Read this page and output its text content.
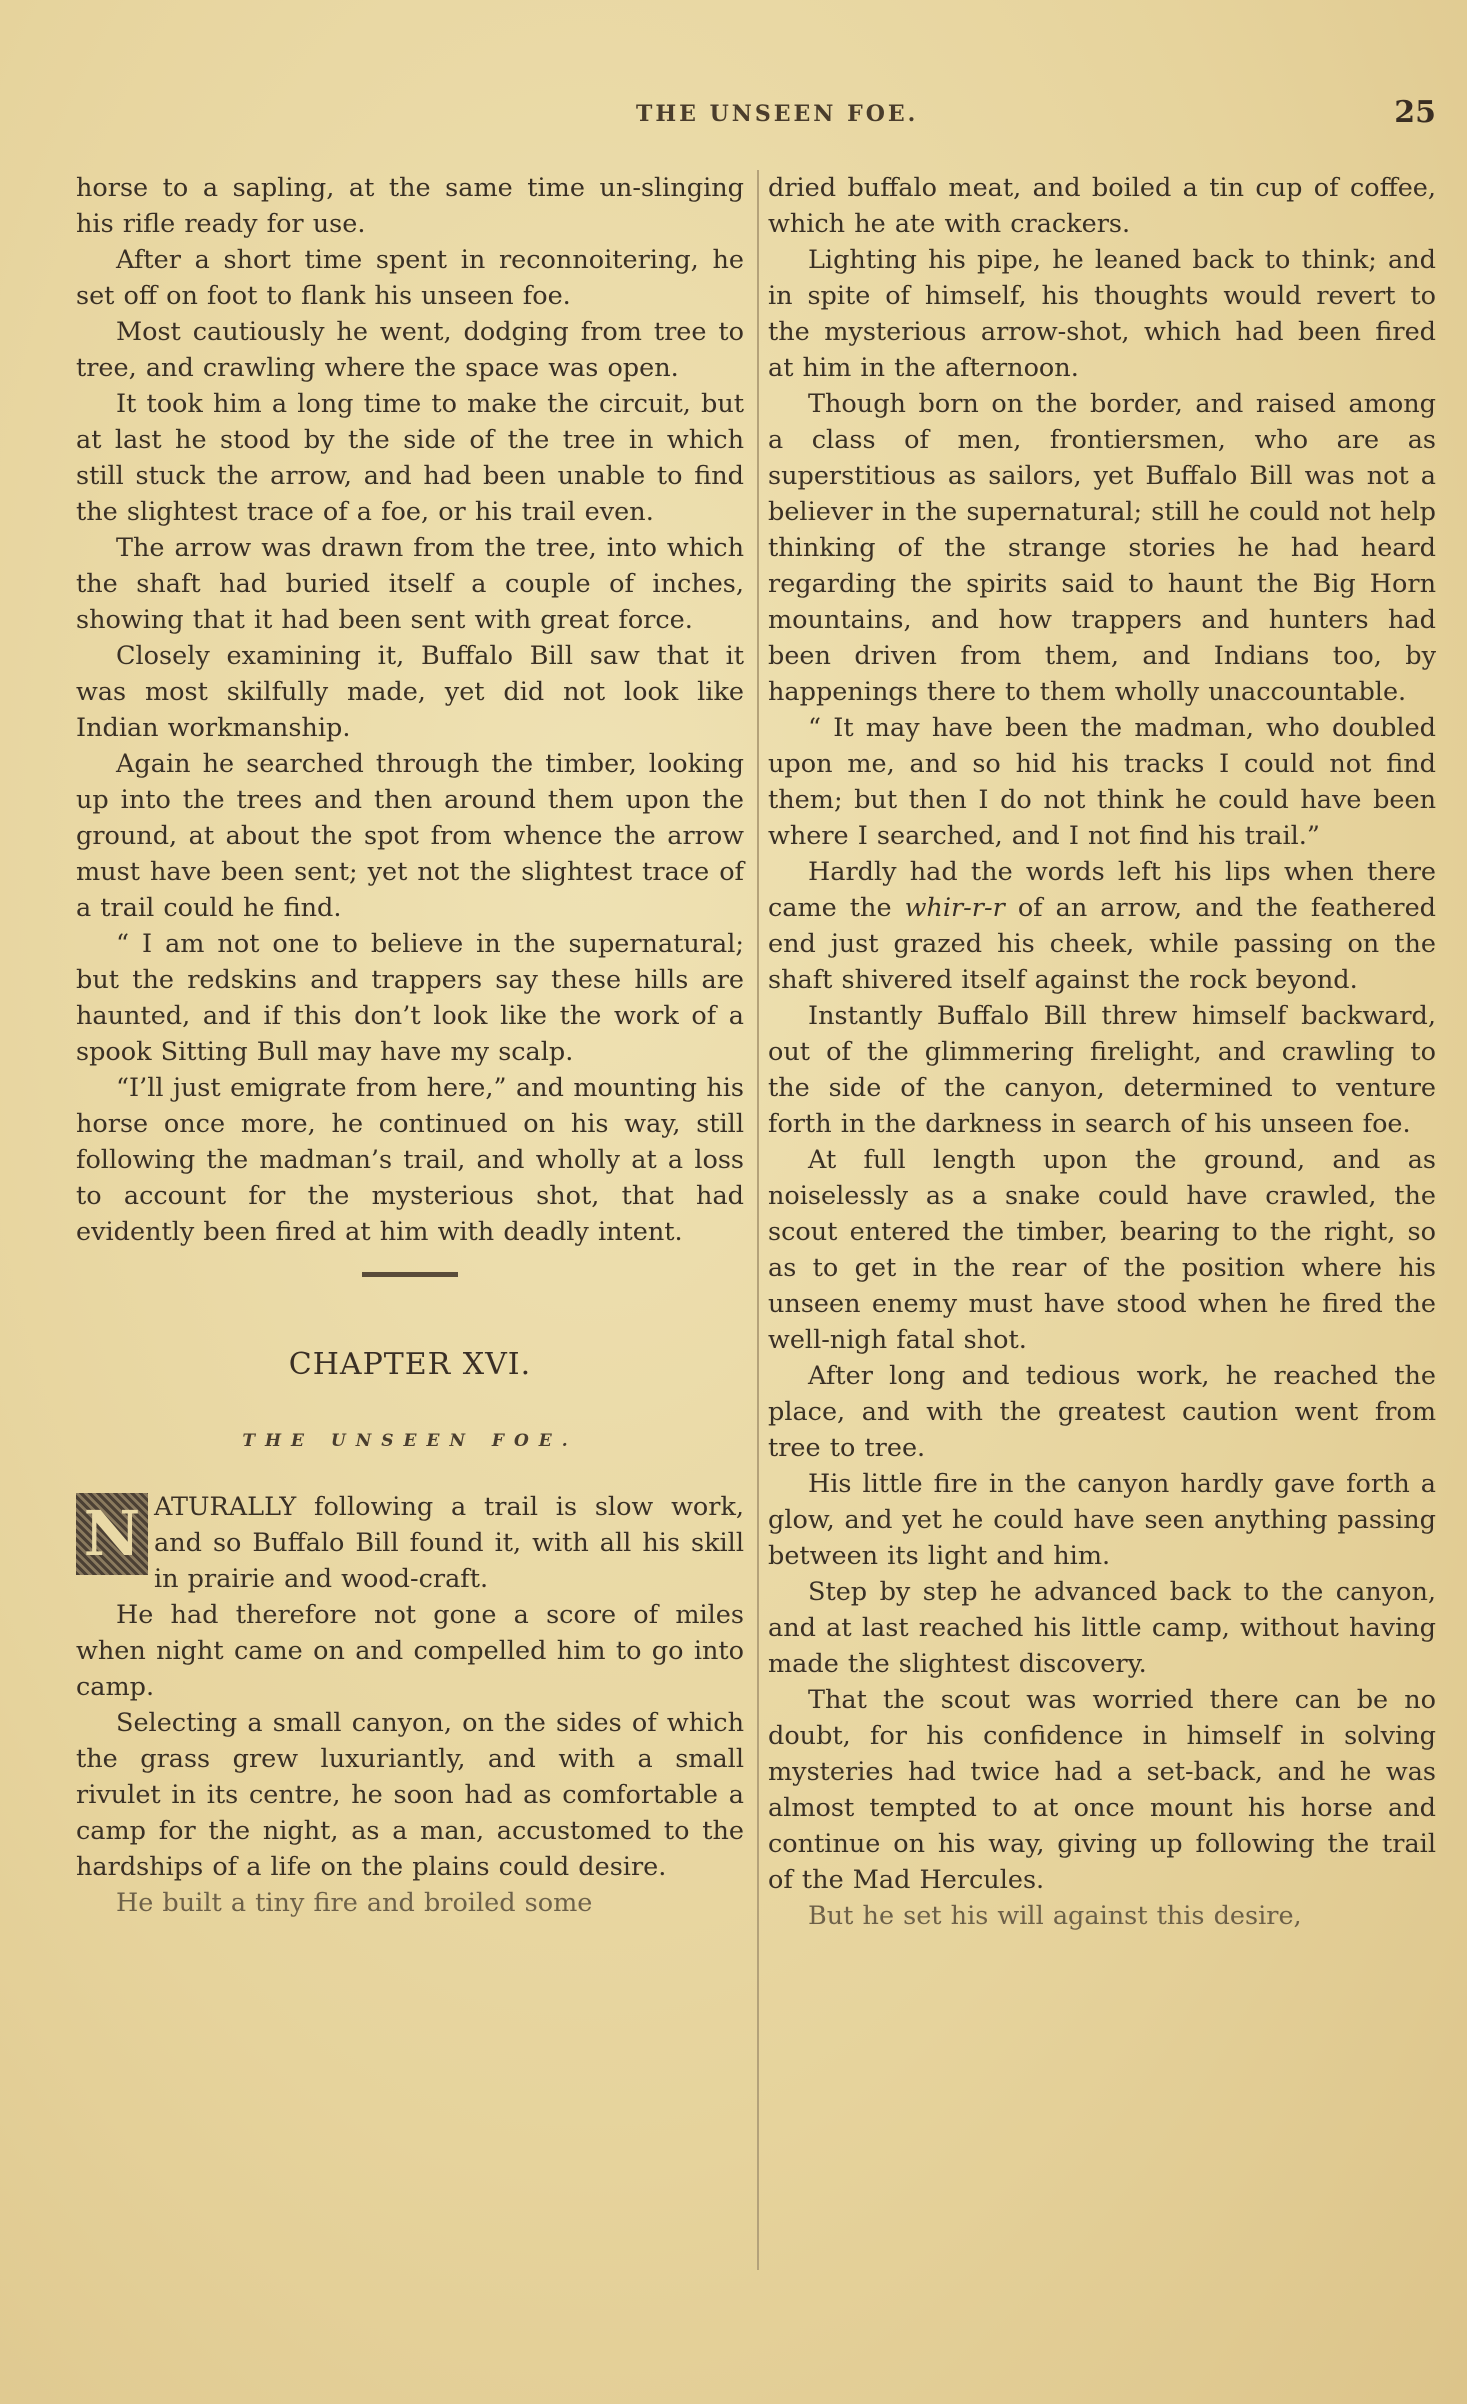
THE UNSEEN FOE.	25

horse to a sapling, at the same time un-slinging his rifle ready for use.

After a short time spent in reconnoitering, he set off on foot to flank his unseen foe.

Most cautiously he went, dodging from tree to tree, and crawling where the space was open.

It took him a long time to make the circuit, but at last he stood by the side of the tree in which still stuck the arrow, and had been unable to find the slightest trace of a foe, or his trail even.

The arrow was drawn from the tree, into which the shaft had buried itself a couple of inches, showing that it had been sent with great force.

Closely examining it, Buffalo Bill saw that it was most skilfully made, yet did not look like Indian workmanship.

Again he searched through the timber, looking up into the trees and then around them upon the ground, at about the spot from whence the arrow must have been sent; yet not the slightest trace of a trail could he find.

“ I am not one to believe in the supernatural; but the redskins and trappers say these hills are haunted, and if this don’t look like the work of a spook Sitting Bull may have my scalp.

“I’ll just emigrate from here,” and mounting his horse once more, he continued on his way, still following the madman’s trail, and wholly at a loss to account for the mysterious shot, that had evidently been fired at him with deadly intent.

CHAPTER XVI.

THE UNSEEN FOE.

N ATURALLY following a trail is slow work, and so Buffalo Bill found it, with all his skill in prairie and wood-craft.

He had therefore not gone a score of miles when night came on and compelled him to go into camp.

Selecting a small canyon, on the sides of which the grass grew luxuriantly, and with a small rivulet in its centre, he soon had as comfortable a camp for the night, as a man, accustomed to the hardships of a life on the plains could desire.

He built a tiny fire and broiled some

dried buffalo meat, and boiled a tin cup of coffee, which he ate with crackers.

Lighting his pipe, he leaned back to think; and in spite of himself, his thoughts would revert to the mysterious arrow-shot, which had been fired at him in the afternoon.

Though born on the border, and raised among a class of men, frontiersmen, who are as superstitious as sailors, yet Buffalo Bill was not a believer in the supernatural; still he could not help thinking of the strange stories he had heard regarding the spirits said to haunt the Big Horn mountains, and how trappers and hunters had been driven from them, and Indians too, by happenings there to them wholly unaccountable.

“ It may have been the madman, who doubled upon me, and so hid his tracks I could not find them; but then I do not think he could have been where I searched, and I not find his trail.”

Hardly had the words left his lips when there came the whir-r-r of an arrow, and the feathered end just grazed his cheek, while passing on the shaft shivered itself against the rock beyond.

Instantly Buffalo Bill threw himself backward, out of the glimmering firelight, and crawling to the side of the canyon, determined to venture forth in the darkness in search of his unseen foe.

At full length upon the ground, and as noiselessly as a snake could have crawled, the scout entered the timber, bearing to the right, so as to get in the rear of the position where his unseen enemy must have stood when he fired the well-nigh fatal shot.

After long and tedious work, he reached the place, and with the greatest caution went from tree to tree.

His little fire in the canyon hardly gave forth a glow, and yet he could have seen anything passing between its light and him.

Step by step he advanced back to the canyon, and at last reached his little camp, without having made the slightest discovery.

That the scout was worried there can be no doubt, for his confidence in himself in solving mysteries had twice had a set-back, and he was almost tempted to at once mount his horse and continue on his way, giving up following the trail of the Mad Hercules.

But he set his will against this desire,
